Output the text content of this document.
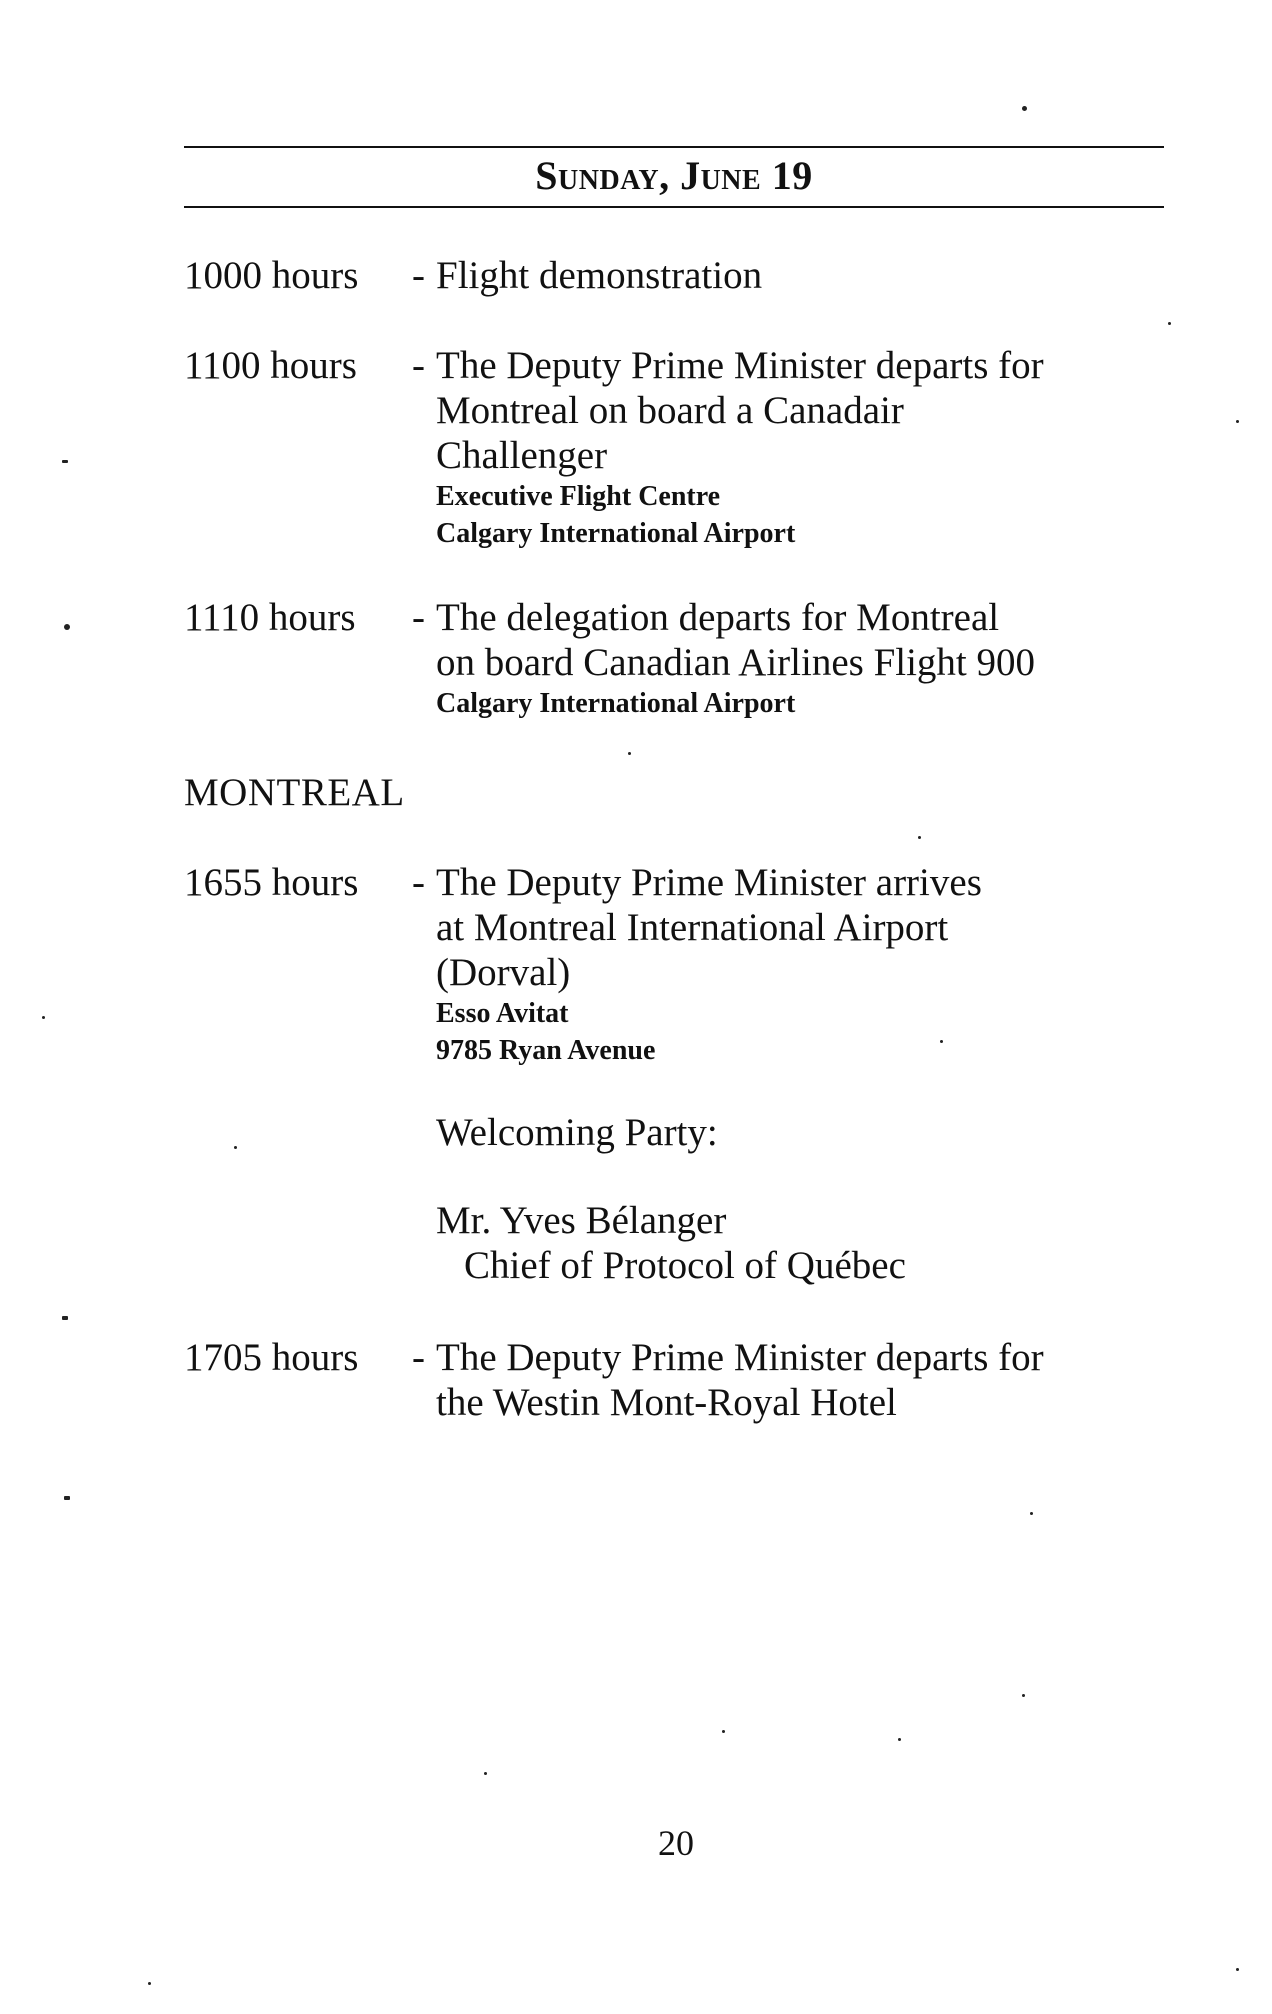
Sunday, June 19
1000 hours - Flight demonstration
1100 hours - The Deputy Prime Minister departs for
Montreal on board a Canadair
Challenger
Executive Flight Centre
Calgary International Airport
1110 hours - The delegation departs for Montreal
on board Canadian Airlines Flight 900
Calgary International Airport
MONTREAL
1655 hours - The Deputy Prime Minister arrives
at Montreal International Airport
(Dorval)
Esso Avitat
9785 Ryan Avenue
Welcoming Party:
Mr. Yves Bélanger
Chief of Protocol of Québec
1705 hours - The Deputy Prime Minister departs for
the Westin Mont-Royal Hotel
20
